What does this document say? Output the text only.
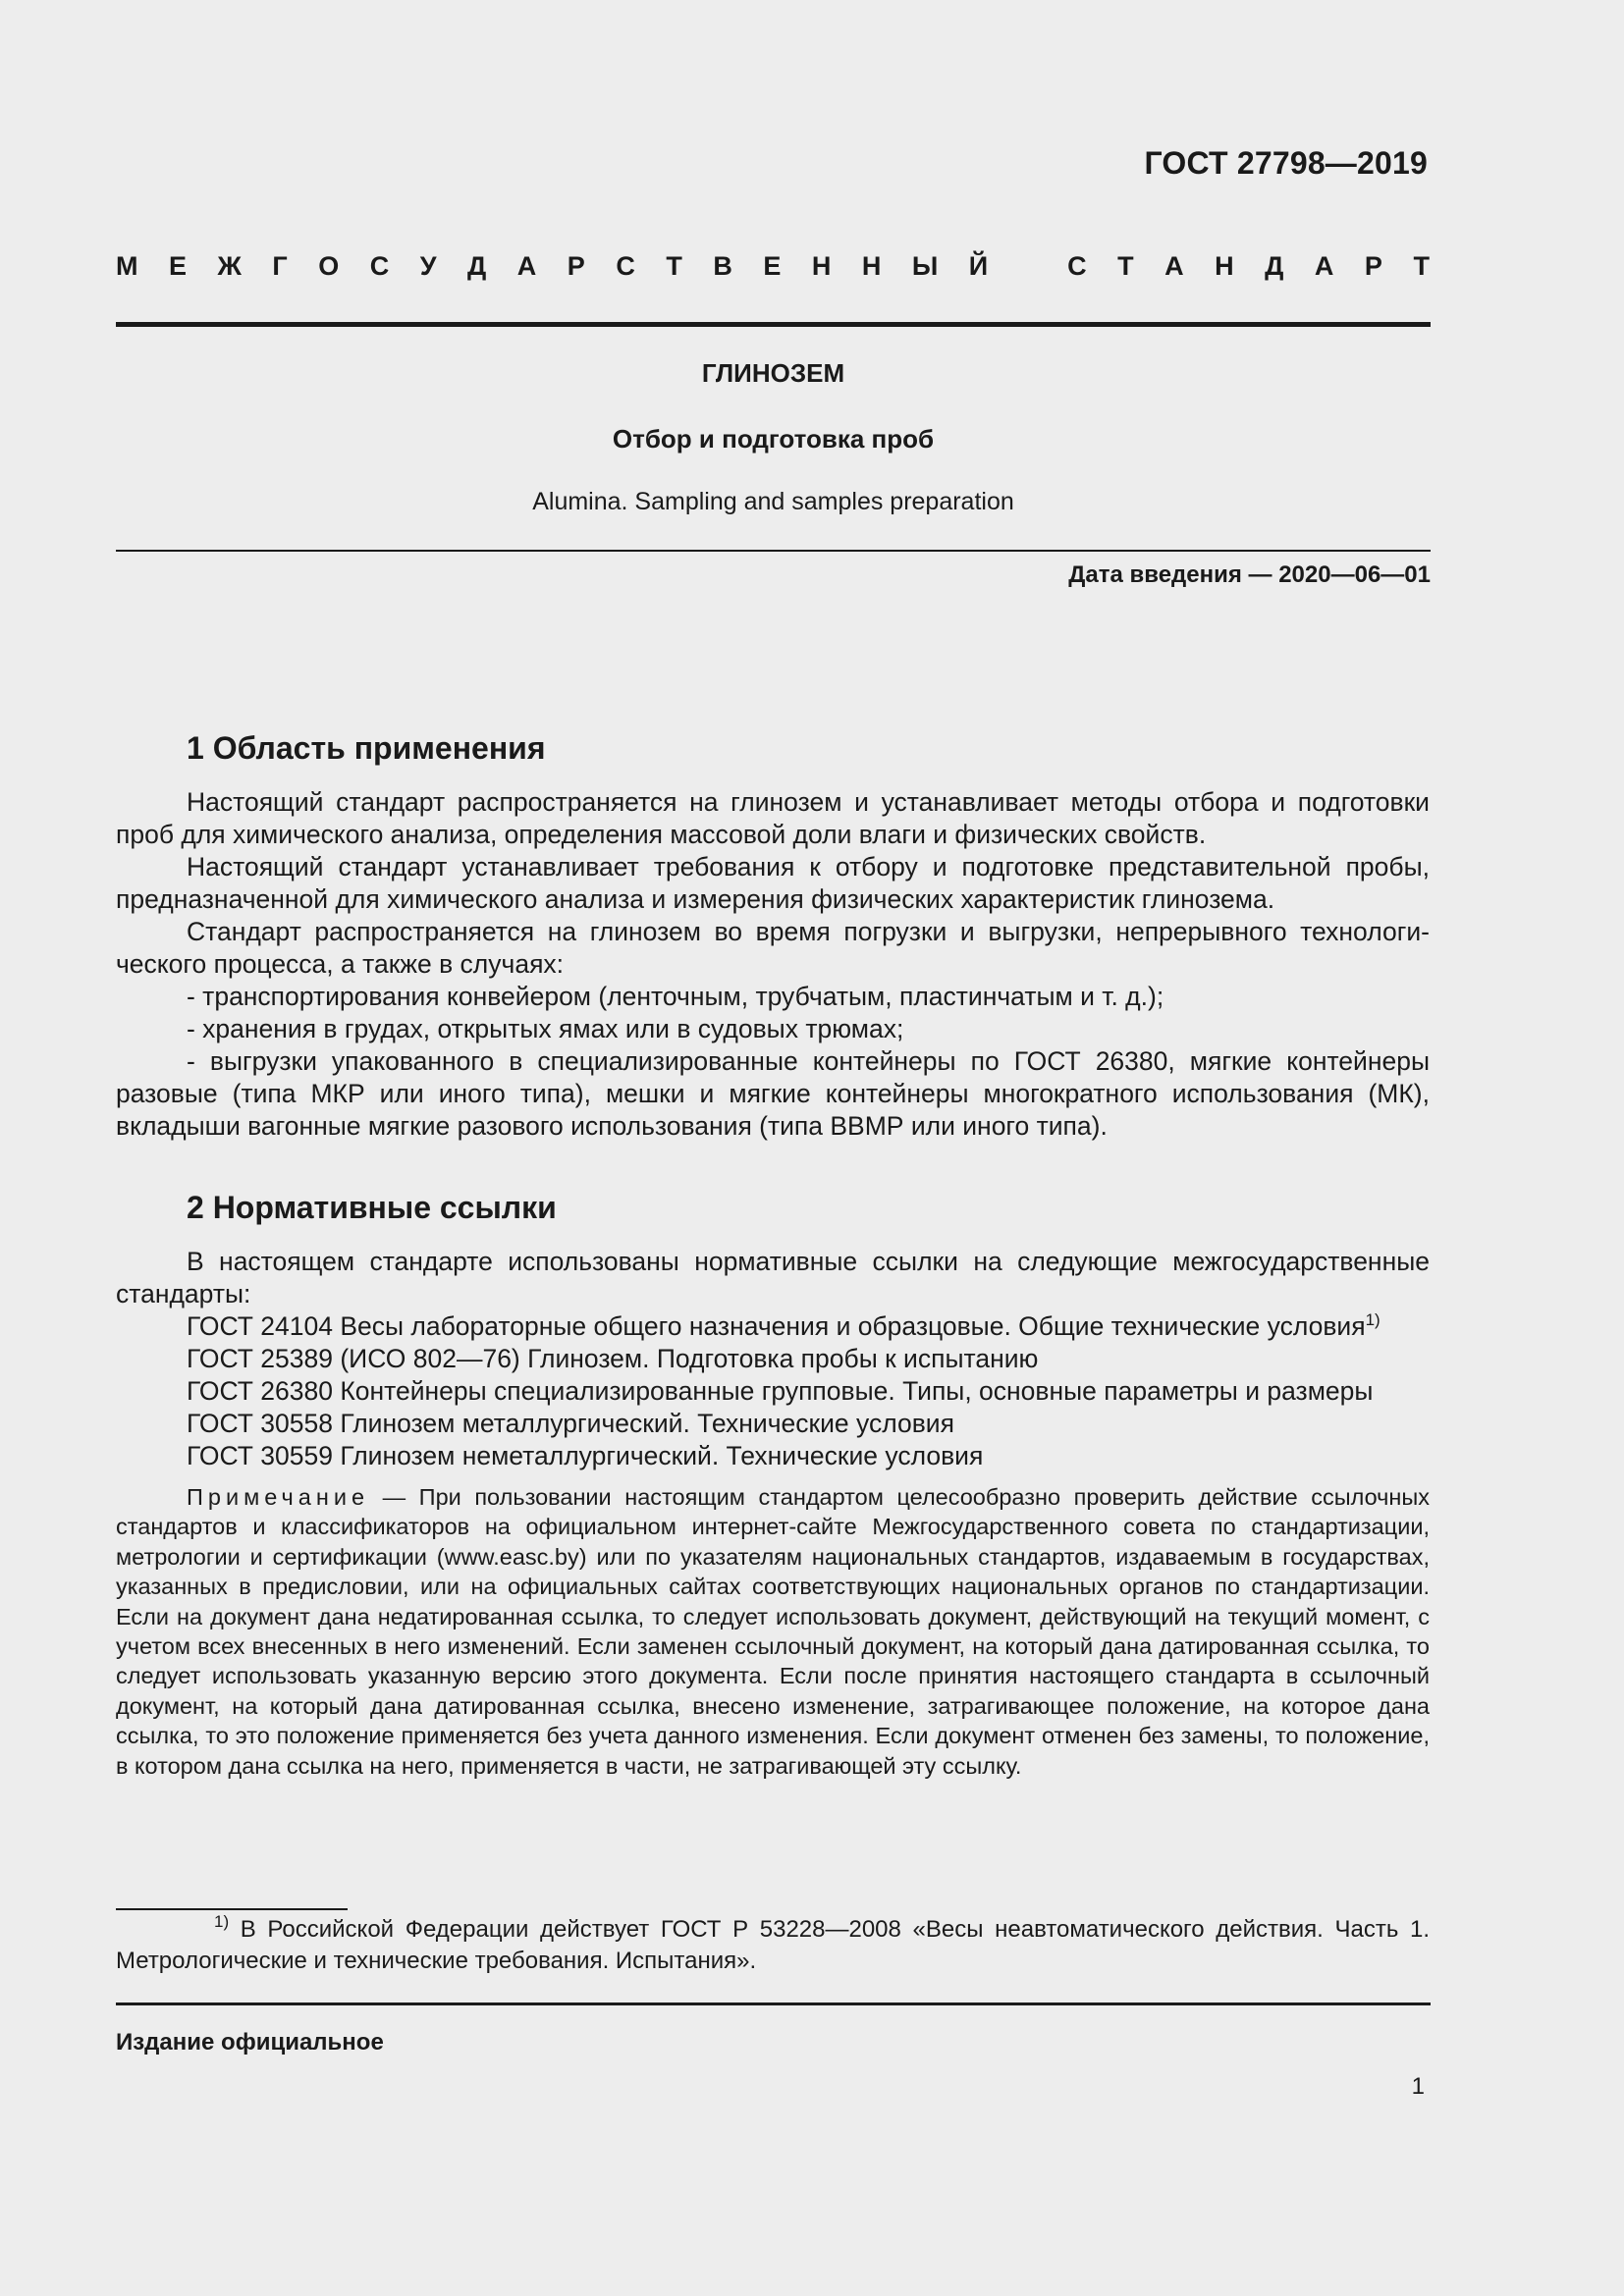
ГОСТ 27798—2019
М Е Ж Г О С У Д А Р С Т В Е Н Н Ы Й	С Т А Н Д А Р Т
ГЛИНОЗЕМ
Отбор и подготовка проб
Alumina. Sampling and samples preparation
Дата введения — 2020—06—01
1 Область применения

Настоящий стандарт распространяется на глинозем и устанавливает методы отбора и подготовки проб для химического анализа, определения массовой доли влаги и физических свойств.

Настоящий стандарт устанавливает требования к отбору и подготовке представительной пробы, предназначенной для химического анализа и измерения физических характеристик глинозема.

Стандарт распространяется на глинозем во время погрузки и выгрузки, непрерывного технологи-ческого процесса, а также в случаях:

- транспортирования конвейером (ленточным, трубчатым, пластинчатым и т. д.);

- хранения в грудах, открытых ямах или в судовых трюмах;

- выгрузки упакованного в специализированные контейнеры по ГОСТ 26380, мягкие контейнеры разовые (типа МКР или иного типа), мешки и мягкие контейнеры многократного использования (МК), вкладыши вагонные мягкие разового использования (типа ВВМР или иного типа).

2 Нормативные ссылки

В настоящем стандарте использованы нормативные ссылки на следующие межгосударственные стандарты:

ГОСТ 24104 Весы лабораторные общего назначения и образцовые. Общие технические условия$^{1)}$

ГОСТ 25389 (ИСО 802—76) Глинозем. Подготовка пробы к испытанию

ГОСТ 26380 Контейнеры специализированные групповые. Типы, основные параметры и размеры

ГОСТ 30558 Глинозем металлургический. Технические условия

ГОСТ 30559 Глинозем неметаллургический. Технические условия

Примечание — При пользовании настоящим стандартом целесообразно проверить действие ссылочных стандартов и классификаторов на официальном интернет-сайте Межгосударственного совета по стандартизации, метрологии и сертификации (www.easc.by) или по указателям национальных стандартов, издаваемым в государствах, указанных в предисловии, или на официальных сайтах соответствующих национальных органов по стандартизации. Если на документ дана недатированная ссылка, то следует использовать документ, действующий на текущий момент, с учетом всех внесенных в него изменений. Если заменен ссылочный документ, на который дана датированная ссылка, то следует использовать указанную версию этого документа. Если после принятия настоящего стандарта в ссылочный документ, на который дана датированная ссылка, внесено изменение, затрагивающее положение, на которое дана ссылка, то это положение применяется без учета данного изменения. Если документ отменен без замены, то положение, в котором дана ссылка на него, применяется в части, не затрагивающей эту ссылку.

$^{1)}$ В Российской Федерации действует ГОСТ Р 53228—2008 «Весы неавтоматического действия. Часть 1. Метрологические и технические требования. Испытания».
Издание официальное
1
